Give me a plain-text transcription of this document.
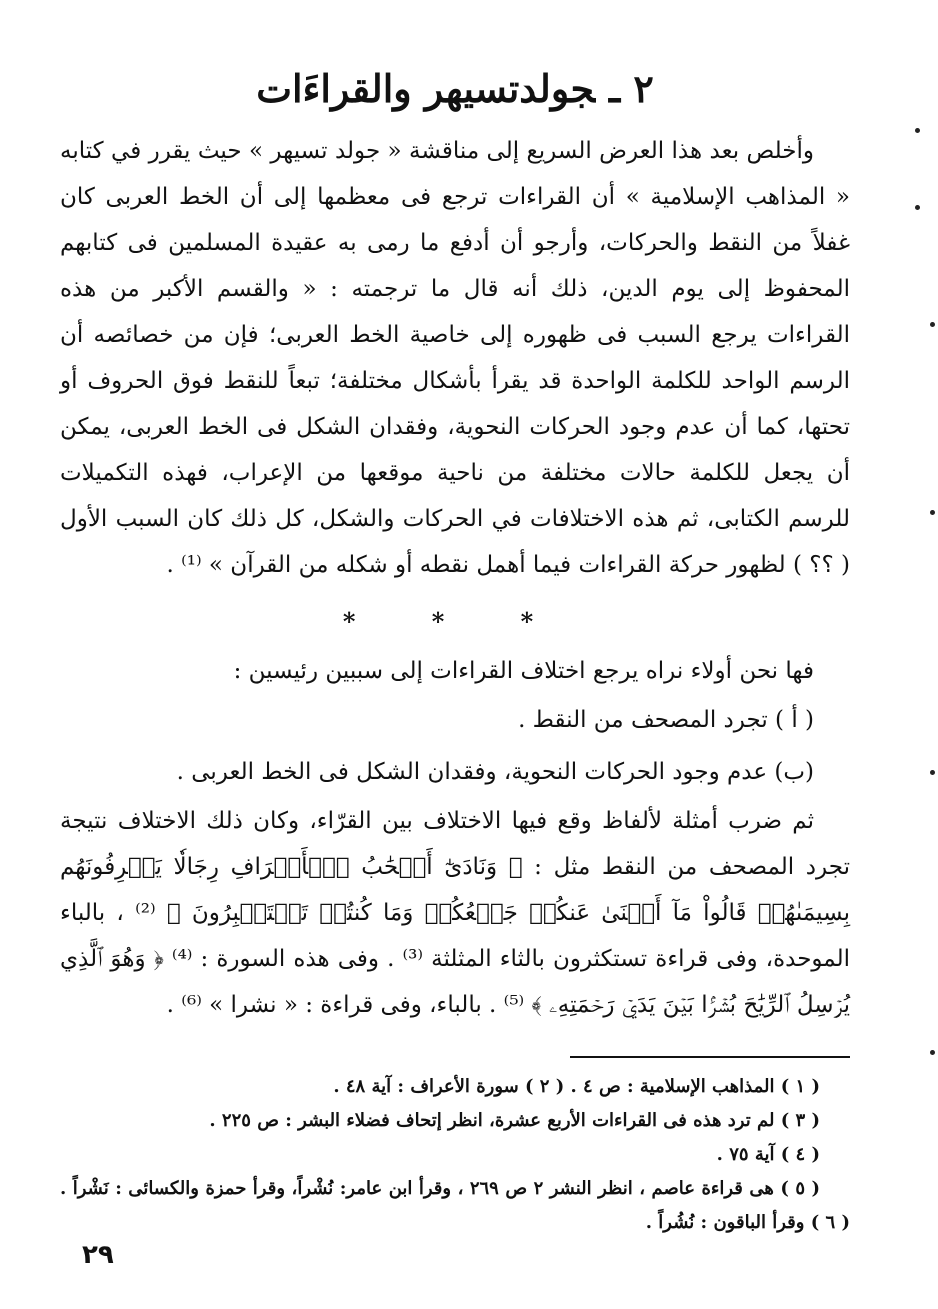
٢ ـجولدتسيهر والقراءَات

وأخلص بعد هذا العرض السريع إلى مناقشة « جولد تسيهر » حيث يقرر في كتابه « المذاهب الإسلامية » أن القراءات ترجع فى معظمها إلى أن الخط العربى كان غفلاً من النقط والحركات، وأرجو أن أدفع ما رمى به عقيدة المسلمين فى كتابهم المحفوظ إلى يوم الدين، ذلك أنه قال ما ترجمته : « والقسم الأكبر من هذه القراءات يرجع السبب فى ظهوره إلى خاصية الخط العربى؛ فإن من خصائصه أن الرسم الواحد للكلمة الواحدة قد يقرأ بأشكال مختلفة؛ تبعاً للنقط فوق الحروف أو تحتها، كما أن عدم وجود الحركات النحوية، وفقدان الشكل فى الخط العربى، يمكن أن يجعل للكلمة حالات مختلفة من ناحية موقعها من الإعراب، فهذه التكميلات للرسم الكتابى، ثم هذه الاختلافات في الحركات والشكل، كل ذلك كان السبب الأول ( ؟؟ ) لظهور حركة القراءات فيما أهمل نقطه أو شكله من القرآن » ⁽¹⁾ .

* * *

فها نحن أولاء نراه يرجع اختلاف القراءات إلى سببين رئيسين :

( أ ) تجرد المصحف من النقط .
(ب) عدم وجود الحركات النحوية، وفقدان الشكل فى الخط العربى .

ثم ضرب أمثلة لألفاظ وقع فيها الاختلاف بين القرّاء، وكان ذلك الاختلاف نتيجة تجرد المصحف من النقط مثل : ﴿ وَنَادَىٰٓ أَصۡحَٰبُ ٱلۡأَعۡرَافِ رِجَالٗا يَعۡرِفُونَهُم بِسِيمَىٰهُمۡ قَالُواْ مَآ أَغۡنَىٰ عَنكُمۡ جَمۡعُكُمۡ وَمَا كُنتُمۡ تَسۡتَكۡبِرُونَ ﴾ ⁽²⁾ ، بالباء الموحدة، وفى قراءة تستكثرون بالثاء المثلثة ⁽³⁾ . وفى هذه السورة : ⁽⁴⁾ ﴿ وَهُوَ ٱلَّذِي يُرۡسِلُ ٱلرِّيَٰحَ بُشۡرَۢا بَيۡنَ يَدَيۡ رَحۡمَتِهِۦ ﴾ ⁽⁵⁾ . بالباء، وفى قراءة : « نشرا » ⁽⁶⁾ .

( ١ ) المذاهب الإسلامية : ص ٤ . ( ٢ ) سورة الأعراف : آية ٤٨ .
( ٣ ) لم ترد هذه فى القراءات الأربع عشرة، انظر إتحاف فضلاء البشر : ص ٢٢٥ .
( ٤ ) آية ٧٥ .
( ٥ ) هى قراءة عاصم ، انظر النشر ٢ ص ٢٦٩ ، وقرأ ابن عامر: نُشْراً، وقرأ حمزة والكسائى : نَشْراً . ( ٦ ) وقرأ الباقون : نُشُراً .
٢٩
